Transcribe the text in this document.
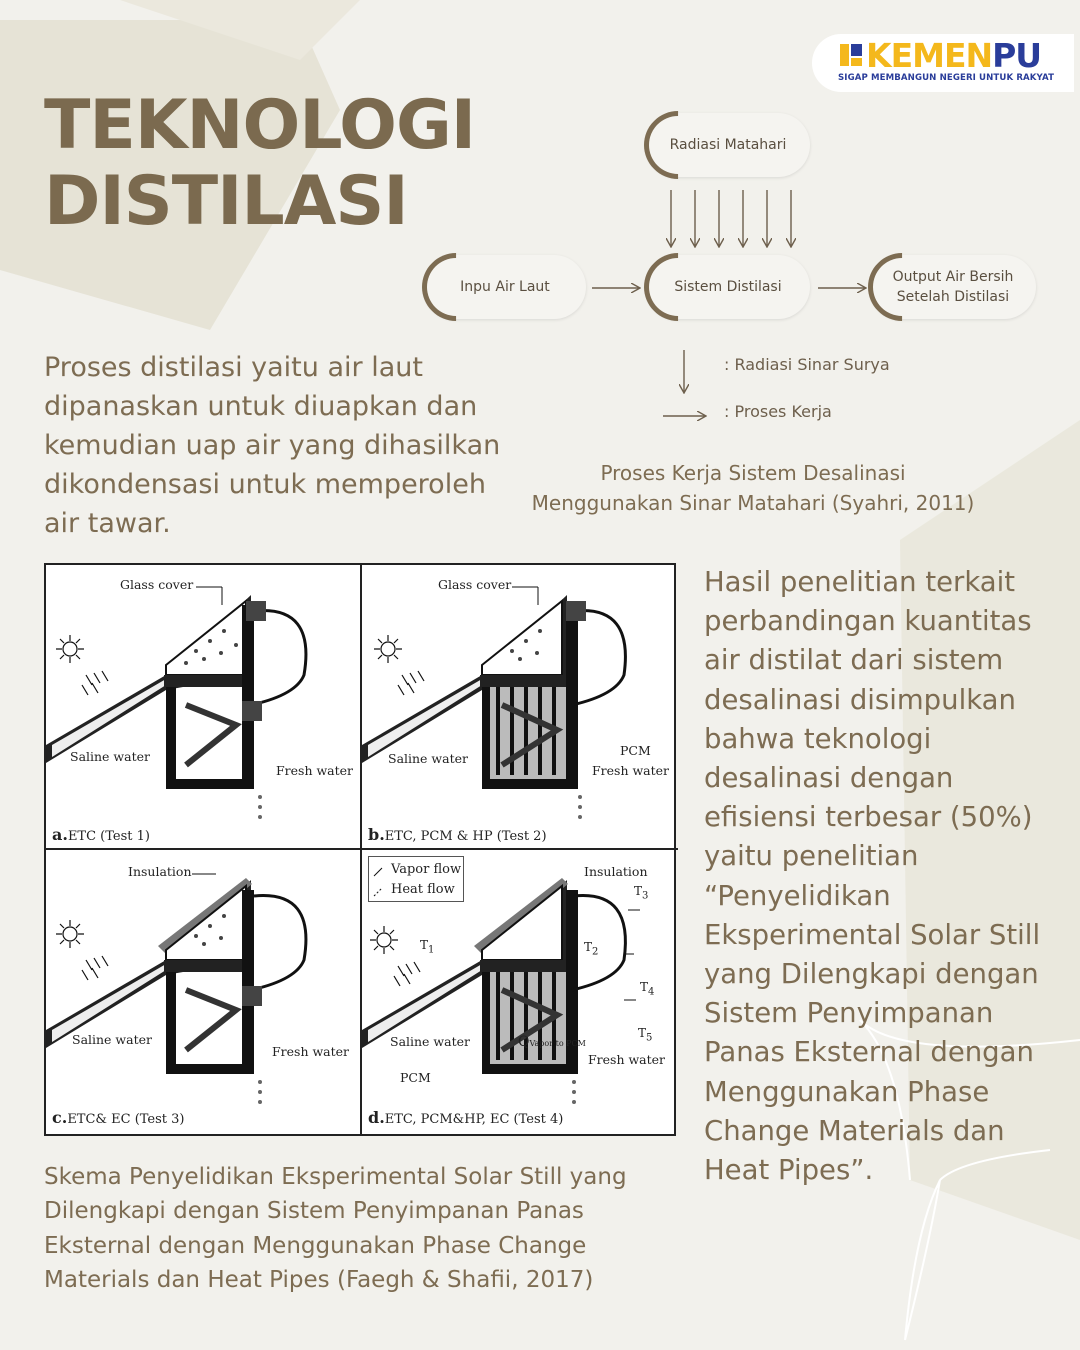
KEMENPU
SIGAP MEMBANGUN NEGERI UNTUK RAKYAT
TEKNOLOGI
DISTILASI
Radiasi Matahari
Inpu Air Laut	Sistem Distilasi
Output Air Bersih
Setelah Distilasi
: Radiasi Sinar Surya
: Proses Kerja
Proses Kerja Sistem Desalinasi
Menggunakan Sinar Matahari (Syahri, 2011)
Proses distilasi yaitu air laut dipanaskan untuk diuapkan dan kemudian uap air yang dihasilkan dikondensasi untuk memperoleh air tawar.
Glass cover
Saline water
Fresh water
a.ETC (Test 1)
Glass cover
Saline water
PCM
Fresh water
b.ETC, PCM & HP (Test 2)
Insulation
Saline water
Fresh water
c.ETC& EC (Test 3)
Vapor flow
Heat flow
Insulation
$T_3$
$T_1$	$T_2$
$T_4$
$T_5$
Saline water	QVapor to PCM
Fresh water
PCM
d.ETC, PCM&HP, EC (Test 4)
Hasil penelitian terkait perbandingan kuantitas air distilat dari sistem desalinasi disimpulkan bahwa teknologi desalinasi dengan efisiensi terbesar (50%) yaitu penelitian “Penyelidikan Eksperimental Solar Still yang Dilengkapi dengan Sistem Penyimpanan Panas Eksternal dengan Menggunakan Phase Change Materials dan Heat Pipes”.
Skema Penyelidikan Eksperimental Solar Still yang Dilengkapi dengan Sistem Penyimpanan Panas Eksternal dengan Menggunakan Phase Change Materials dan Heat Pipes (Faegh & Shafii, 2017)
